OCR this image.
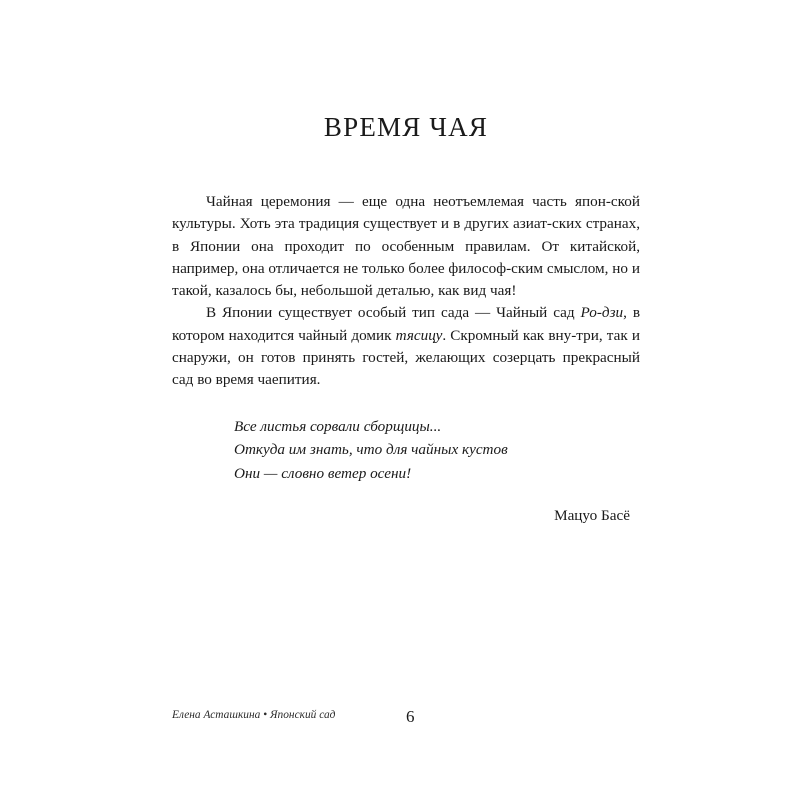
ВРЕМЯ ЧАЯ

Чайная церемония — еще одна неотъемлемая часть япон-ской культуры. Хоть эта традиция существует и в других азиат-ских странах, в Японии она проходит по особенным правилам. От китайской, например, она отличается не только более философ-ским смыслом, но и такой, казалось бы, небольшой деталью, как вид чая!

В Японии существует особый тип сада — Чайный сад Ро-дзи, в котором находится чайный домик тясицу. Скромный как вну-три, так и снаружи, он готов принять гостей, желающих созерцать прекрасный сад во время чаепития.

Все листья сорвали сборщицы...
Откуда им знать, что для чайных кустов
Они — словно ветер осени!
Мацуо Басё
Елена Асташкина • Японский сад	6
